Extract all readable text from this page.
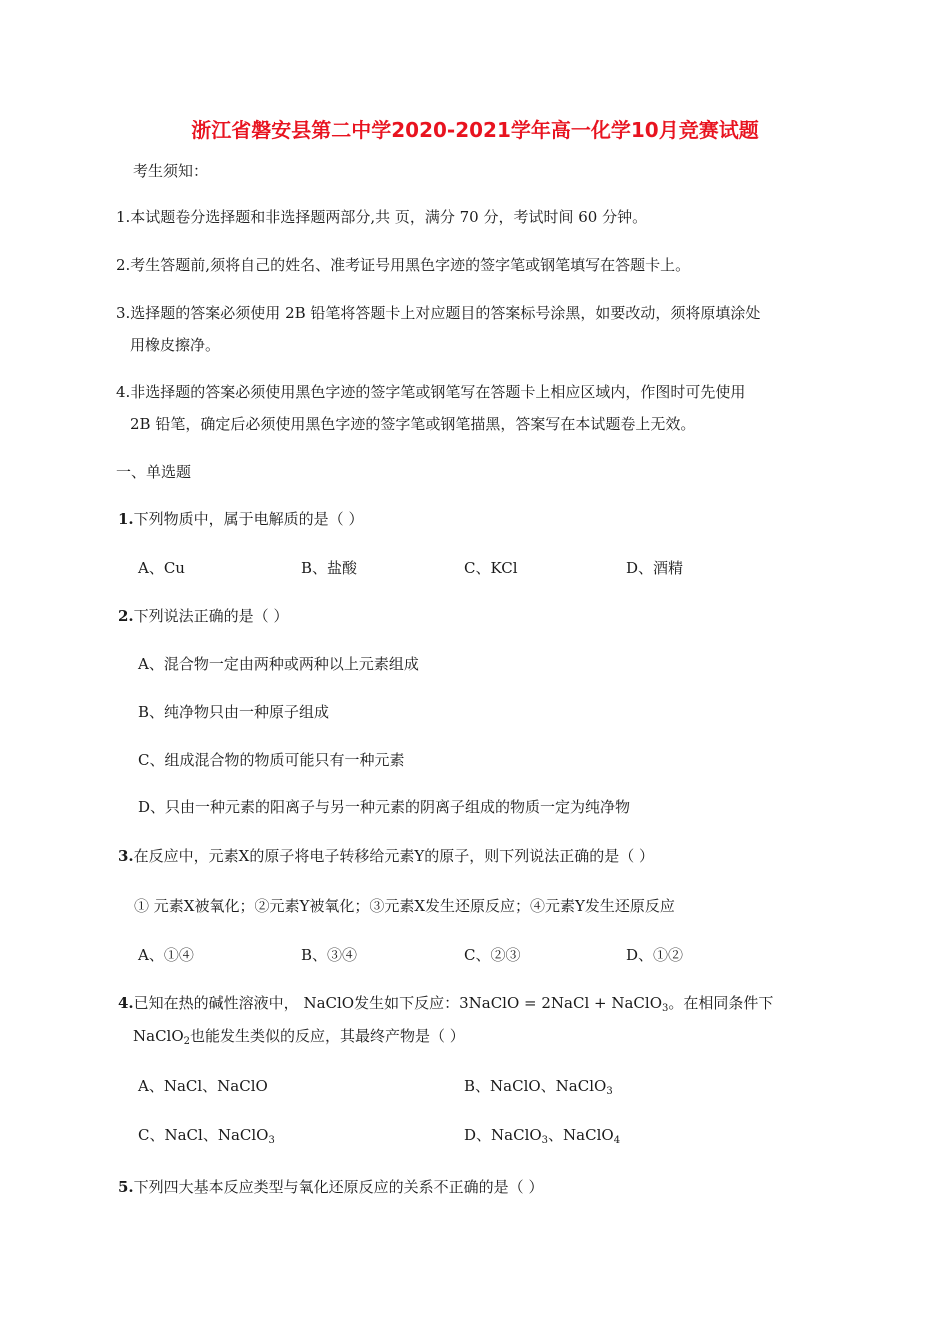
浙江省磐安县第二中学2020-2021学年高一化学10月竞赛试题
考生须知：
1.本试题卷分选择题和非选择题两部分,共 页，满分 70 分，考试时间 60 分钟。
2.考生答题前,须将自己的姓名、准考证号用黑色字迹的签字笔或钢笔填写在答题卡上。
3.选择题的答案必须使用 2B 铅笔将答题卡上对应题目的答案标号涂黑，如要改动，须将原填涂处
用橡皮擦净。
4.非选择题的答案必须使用黑色字迹的签字笔或钢笔写在答题卡上相应区域内，作图时可先使用
2B 铅笔，确定后必须使用黑色字迹的签字笔或钢笔描黑，答案写在本试题卷上无效。
一、单选题
1.下列物质中，属于电解质的是（ ）
A、Cu	B、盐酸	C、KCl	D、酒精
2.下列说法正确的是（ ）
A、混合物一定由两种或两种以上元素组成
B、纯净物只由一种原子组成
C、组成混合物的物质可能只有一种元素
D、只由一种元素的阳离子与另一种元素的阴离子组成的物质一定为纯净物
3.在反应中，元素X的原子将电子转移给元素Y的原子，则下列说法正确的是（ ）
① 元素X被氧化；②元素Y被氧化；③元素X发生还原反应；④元素Y发生还原反应
A、①④	B、③④	C、②③	D、①②
4.已知在热的碱性溶液中， NaClO发生如下反应：3NaClO = 2NaCl + NaClO$_3$。在相同条件下
NaClO$_2$也能发生类似的反应，其最终产物是（ ）
A、NaCl、NaClO	B、NaClO、NaClO$_3$
C、NaCl、NaClO$_3$	D、NaClO$_3$、NaClO$_4$
5.下列四大基本反应类型与氧化还原反应的关系不正确的是（ ）
